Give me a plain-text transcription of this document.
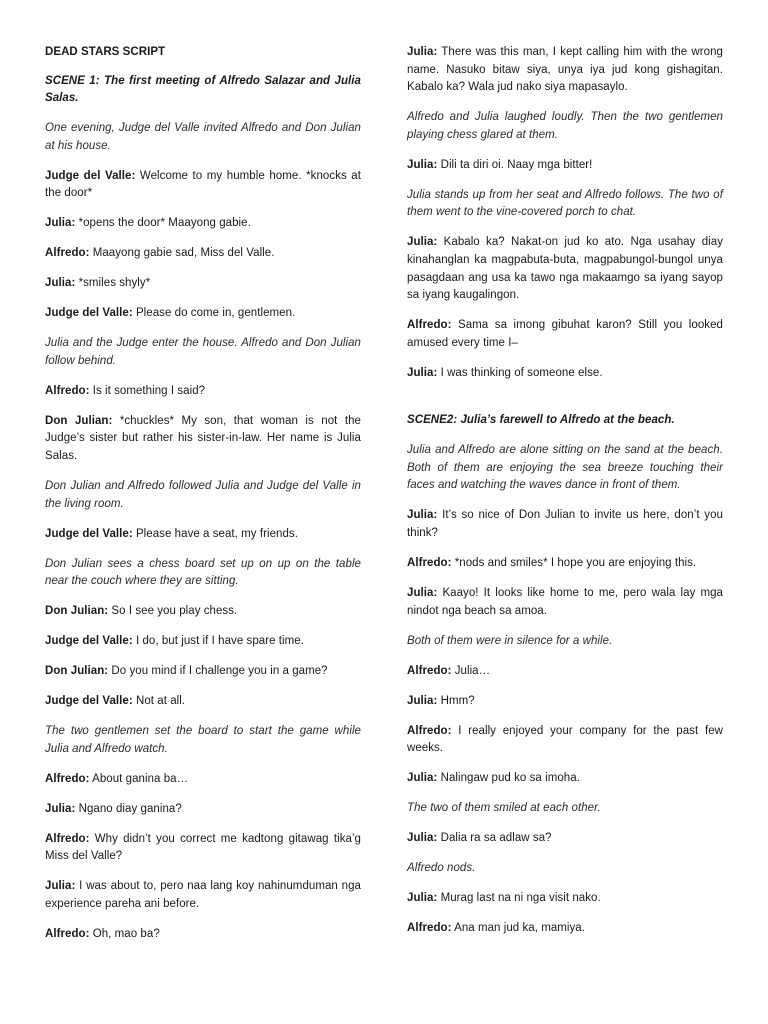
DEAD STARS SCRIPT

SCENE 1: The first meeting of Alfredo Salazar and Julia Salas.

One evening, Judge del Valle invited Alfredo and Don Julian at his house.

Judge del Valle: Welcome to my humble home. *knocks at the door*

Julia: *opens the door* Maayong gabie.

Alfredo: Maayong gabie sad, Miss del Valle.

Julia: *smiles shyly*

Judge del Valle: Please do come in, gentlemen.

Julia and the Judge enter the house. Alfredo and Don Julian follow behind.

Alfredo: Is it something I said?

Don Julian: *chuckles* My son, that woman is not the Judge’s sister but rather his sister-in-law. Her name is Julia Salas.

Don Julian and Alfredo followed Julia and Judge del Valle in the living room.

Judge del Valle: Please have a seat, my friends.

Don Julian sees a chess board set up on up on the table near the couch where they are sitting.

Don Julian: So I see you play chess.

Judge del Valle: I do, but just if I have spare time.

Don Julian: Do you mind if I challenge you in a game?

Judge del Valle: Not at all.

The two gentlemen set the board to start the game while Julia and Alfredo watch.

Alfredo: About ganina ba…

Julia: Ngano diay ganina?

Alfredo: Why didn’t you correct me kadtong gitawag tika’g Miss del Valle?

Julia: I was about to, pero naa lang koy nahinumduman nga experience pareha ani before.

Alfredo: Oh, mao ba?

Julia: There was this man, I kept calling him with the wrong name. Nasuko bitaw siya, unya iya jud kong gishagitan. Kabalo ka? Wala jud nako siya mapasaylo.

Alfredo and Julia laughed loudly. Then the two gentlemen playing chess glared at them.

Julia: Dili ta diri oi. Naay mga bitter!

Julia stands up from her seat and Alfredo follows. The two of them went to the vine-covered porch to chat.

Julia: Kabalo ka? Nakat-on jud ko ato. Nga usahay diay kinahanglan ka magpabuta-buta, magpabungol-bungol unya pasagdaan ang usa ka tawo nga makaamgo sa iyang sayop sa iyang kaugalingon.

Alfredo: Sama sa imong gibuhat karon? Still you looked amused every time I–

Julia: I was thinking of someone else.

SCENE2: Julia’s farewell to Alfredo at the beach.

Julia and Alfredo are alone sitting on the sand at the beach. Both of them are enjoying the sea breeze touching their faces and watching the waves dance in front of them.

Julia: It’s so nice of Don Julian to invite us here, don’t you think?

Alfredo: *nods and smiles* I hope you are enjoying this.

Julia: Kaayo! It looks like home to me, pero wala lay mga nindot nga beach sa amoa.

Both of them were in silence for a while.

Alfredo: Julia…

Julia: Hmm?

Alfredo: I really enjoyed your company for the past few weeks.

Julia: Nalingaw pud ko sa imoha.

The two of them smiled at each other.

Julia: Dalia ra sa adlaw sa?

Alfredo nods.

Julia: Murag last na ni nga visit nako.

Alfredo: Ana man jud ka, mamiya.
